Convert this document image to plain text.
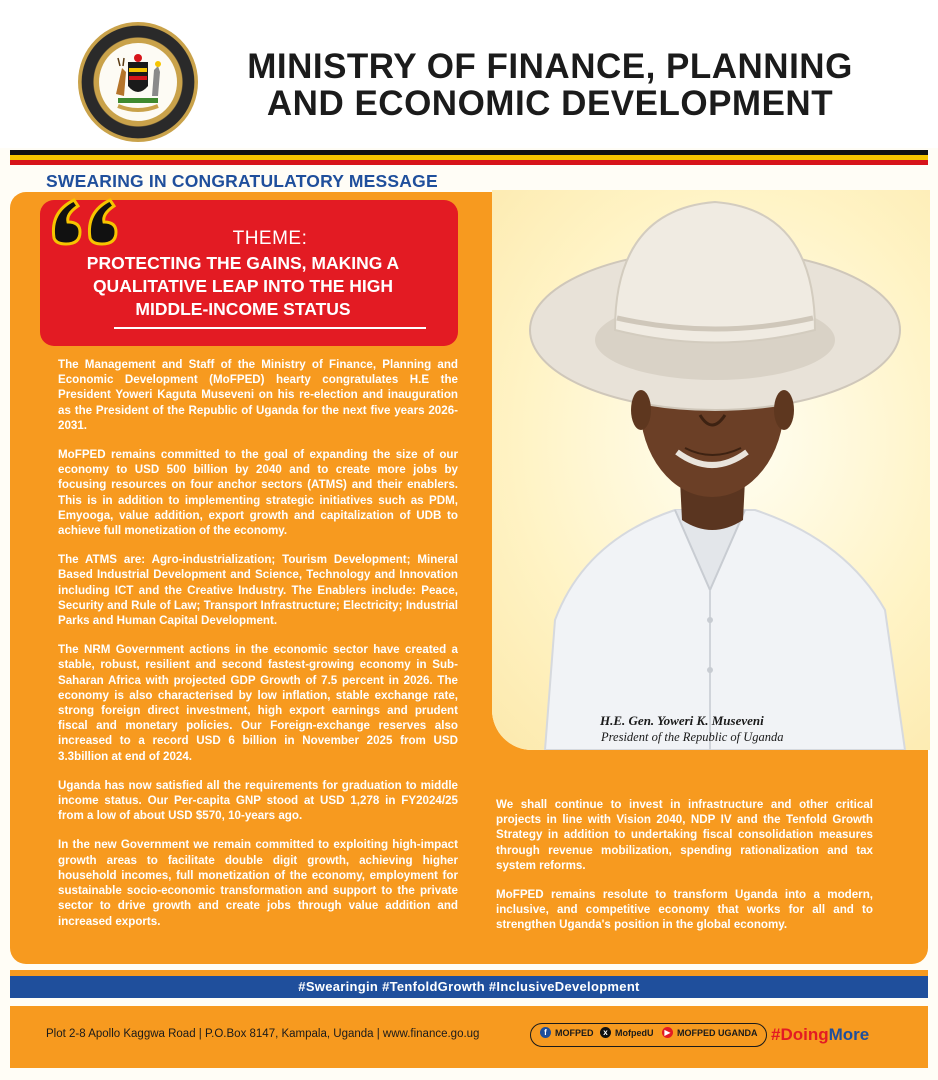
MINISTRY OF FINANCE, PLANNING
AND ECONOMIC DEVELOPMENT
SWEARING IN CONGRATULATORY MESSAGE
H.E. Gen. Yoweri K. Museveni
President of the Republic of Uganda
THEME:
PROTECTING THE GAINS, MAKING A QUALITATIVE LEAP INTO THE HIGH MIDDLE-INCOME STATUS

The Management and Staff of the Ministry of Finance, Planning and Economic Development (MoFPED) hearty congratulates H.E the President Yoweri Kaguta Museveni on his re-election and inauguration as the President of the Republic of Uganda for the next five years 2026-2031.

MoFPED remains committed to the goal of expanding the size of our economy to USD 500 billion by 2040 and to create more jobs by focusing resources on four anchor sectors (ATMS) and their enablers. This is in addition to implementing strategic initiatives such as PDM, Emyooga, value addition, export growth and capitalization of UDB to achieve full monetization of the economy.

The ATMS are: Agro-industrialization; Tourism Development; Mineral Based Industrial Development and Science, Technology and Innovation including ICT and the Creative Industry. The Enablers include: Peace, Security and Rule of Law; Transport Infrastructure; Electricity; Industrial Parks and Human Capital Development.

The NRM Government actions in the economic sector have created a stable, robust, resilient and second fastest-growing economy in Sub-Saharan Africa with projected GDP Growth of 7.5 percent in 2026. The economy is also characterised by low inflation, stable exchange rate, strong foreign direct investment, high export earnings and prudent fiscal and monetary policies. Our Foreign-exchange reserves also increased to a record USD 6 billion in November 2025 from USD 3.3billion at end of 2024.

Uganda has now satisfied all the requirements for graduation to middle income status. Our Per-capita GNP stood at USD 1,278 in FY2024/25 from a low of about USD $570, 10-years ago.

In the new Government we remain committed to exploiting high-impact growth areas to facilitate double digit growth, achieving higher household incomes, full monetization of the economy, employment for sustainable socio-economic transformation and support to the private sector to drive growth and create jobs through value addition and increased exports.

We shall continue to invest in infrastructure and other critical projects in line with Vision 2040, NDP IV and the Tenfold Growth Strategy in addition to undertaking fiscal consolidation measures through revenue mobilization, spending rationalization and tax system reforms.

MoFPED remains resolute to transform Uganda into a modern, inclusive, and competitive economy that works for all and to strengthen Uganda's position in the global economy.

#Swearingin #TenfoldGrowth #InclusiveDevelopment
Plot 2-8 Apollo Kaggwa Road | P.O.Box 8147, Kampala, Uganda | www.finance.go.ug	f MOFPED	x MofpedU	▶ MOFPED UGANDA #DoingMore
